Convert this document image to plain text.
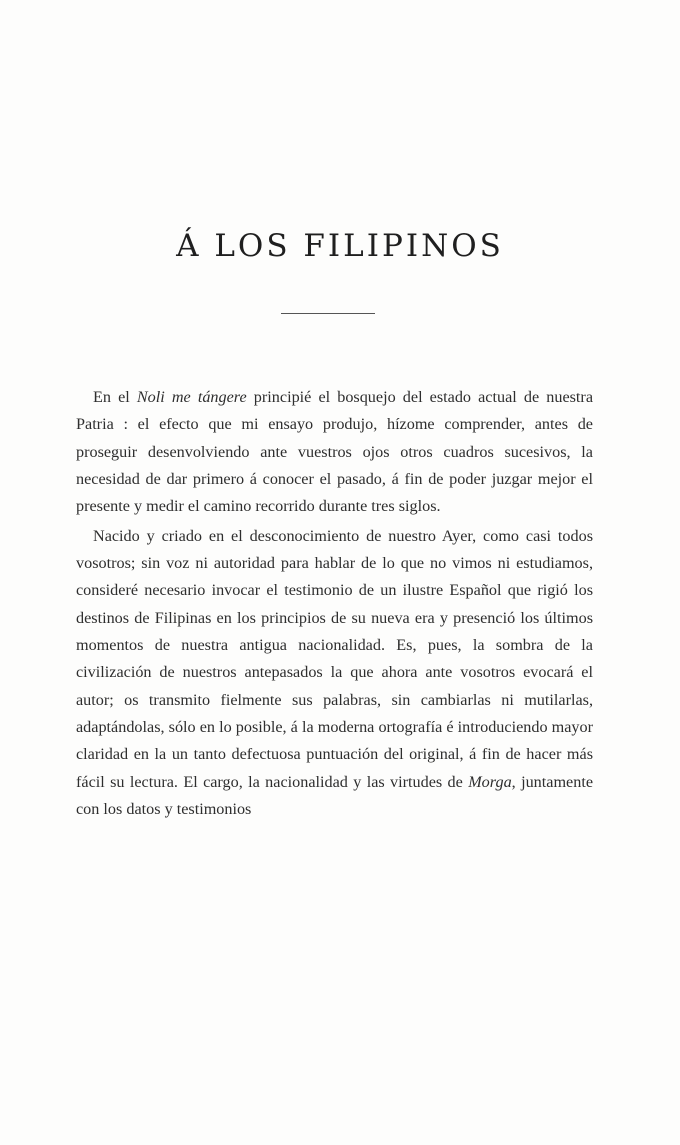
Á LOS FILIPINOS

En el Noli me tángere principié el bosquejo del estado actual de nuestra Patria : el efecto que mi ensayo produjo, hízome comprender, antes de proseguir desenvolviendo ante vuestros ojos otros cuadros sucesivos, la necesidad de dar primero á conocer el pasado, á fin de poder juzgar mejor el presente y medir el camino recorrido durante tres siglos.

Nacido y criado en el desconocimiento de nuestro Ayer, como casi todos vosotros; sin voz ni autoridad para hablar de lo que no vimos ni estudiamos, consideré necesario invocar el testimonio de un ilustre Español que rigió los destinos de Filipinas en los principios de su nueva era y presenció los últimos momentos de nuestra antigua nacionalidad. Es, pues, la sombra de la civilización de nuestros antepasados la que ahora ante vosotros evocará el autor; os transmito fielmente sus palabras, sin cambiarlas ni mutilarlas, adaptándolas, sólo en lo posible, á la moderna ortografía é introduciendo mayor claridad en la un tanto defectuosa puntuación del original, á fin de hacer más fácil su lectura. El cargo, la nacionalidad y las virtudes de Morga, juntamente con los datos y testimonios
